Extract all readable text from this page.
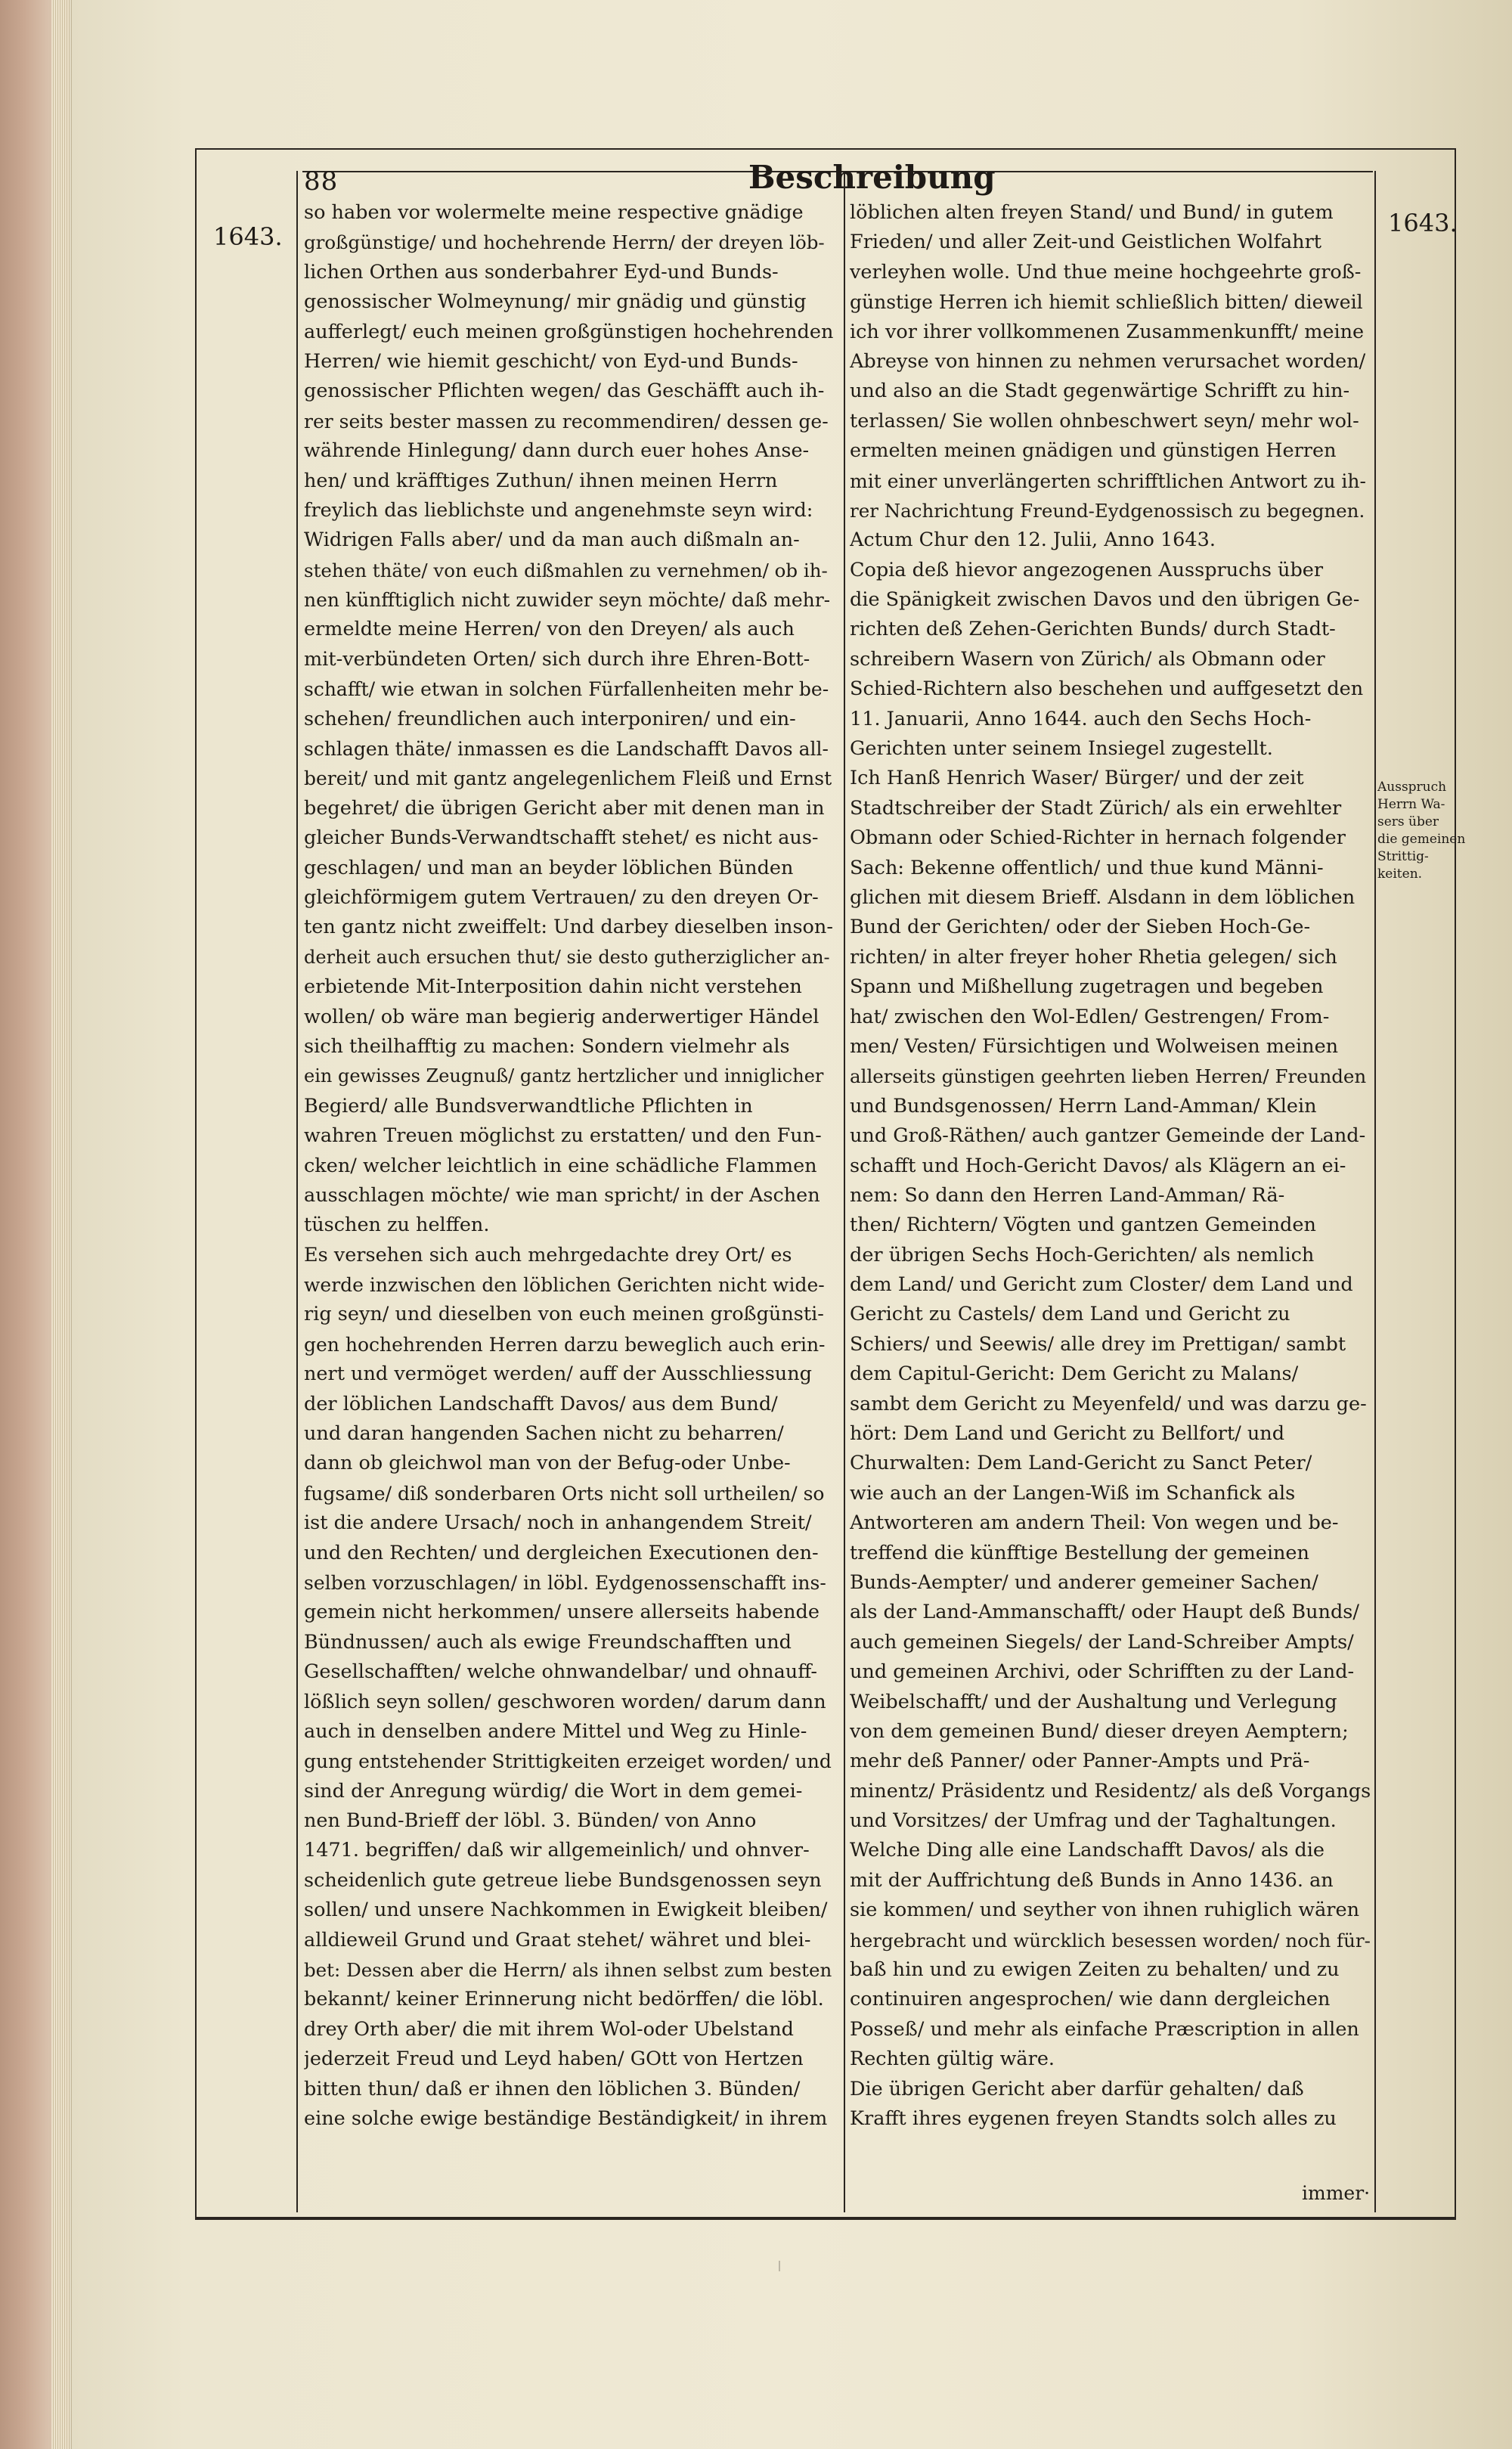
88	Beschreibung
1643.	1643.
so haben vor wolermelte meine respective gnädige
großgünstige/ und hochehrende Herrn/ der dreyen löb-
lichen Orthen aus sonderbahrer Eyd-und Bunds-
genossischer Wolmeynung/ mir gnädig und günstig
aufferlegt/ euch meinen großgünstigen hochehrenden
Herren/ wie hiemit geschicht/ von Eyd-und Bunds-
genossischer Pflichten wegen/ das Geschäfft auch ih-
rer seits bester massen zu recommendiren/ dessen ge-
währende Hinlegung/ dann durch euer hohes Anse-
hen/ und kräfftiges Zuthun/ ihnen meinen Herrn
freylich das lieblichste und angenehmste seyn wird:
Widrigen Falls aber/ und da man auch dißmaln an-
stehen thäte/ von euch dißmahlen zu vernehmen/ ob ih-
nen künfftiglich nicht zuwider seyn möchte/ daß mehr-
ermeldte meine Herren/ von den Dreyen/ als auch
mit-verbündeten Orten/ sich durch ihre Ehren-Bott-
schafft/ wie etwan in solchen Fürfallenheiten mehr be-
schehen/ freundlichen auch interponiren/ und ein-
schlagen thäte/ inmassen es die Landschafft Davos all-
bereit/ und mit gantz angelegenlichem Fleiß und Ernst
begehret/ die übrigen Gericht aber mit denen man in
gleicher Bunds-Verwandtschafft stehet/ es nicht aus-
geschlagen/ und man an beyder löblichen Bünden
gleichförmigem gutem Vertrauen/ zu den dreyen Or-
ten gantz nicht zweiffelt: Und darbey dieselben inson-
derheit auch ersuchen thut/ sie desto gutherziglicher an-
erbietende Mit-Interposition dahin nicht verstehen
wollen/ ob wäre man begierig anderwertiger Händel
sich theilhafftig zu machen: Sondern vielmehr als
ein gewisses Zeugnuß/ gantz hertzlicher und inniglicher
Begierd/ alle Bundsverwandtliche Pflichten in
wahren Treuen möglichst zu erstatten/ und den Fun-
cken/ welcher leichtlich in eine schädliche Flammen
ausschlagen möchte/ wie man spricht/ in der Aschen
tüschen zu helffen.
Es versehen sich auch mehrgedachte drey Ort/ es
werde inzwischen den löblichen Gerichten nicht wide-
rig seyn/ und dieselben von euch meinen großgünsti-
gen hochehrenden Herren darzu beweglich auch erin-
nert und vermöget werden/ auff der Ausschliessung
der löblichen Landschafft Davos/ aus dem Bund/
und daran hangenden Sachen nicht zu beharren/
dann ob gleichwol man von der Befug-oder Unbe-
fugsame/ diß sonderbaren Orts nicht soll urtheilen/ so
ist die andere Ursach/ noch in anhangendem Streit/
und den Rechten/ und dergleichen Executionen den-
selben vorzuschlagen/ in löbl. Eydgenossenschafft ins-
gemein nicht herkommen/ unsere allerseits habende
Bündnussen/ auch als ewige Freundschafften und
Gesellschafften/ welche ohnwandelbar/ und ohnauff-
lößlich seyn sollen/ geschworen worden/ darum dann
auch in denselben andere Mittel und Weg zu Hinle-
gung entstehender Strittigkeiten erzeiget worden/ und
sind der Anregung würdig/ die Wort in dem gemei-
nen Bund-Brieff der löbl. 3. Bünden/ von Anno
1471. begriffen/ daß wir allgemeinlich/ und ohnver-
scheidenlich gute getreue liebe Bundsgenossen seyn
sollen/ und unsere Nachkommen in Ewigkeit bleiben/
alldieweil Grund und Graat stehet/ währet und blei-
bet: Dessen aber die Herrn/ als ihnen selbst zum besten
bekannt/ keiner Erinnerung nicht bedörffen/ die löbl.
drey Orth aber/ die mit ihrem Wol-oder Ubelstand
jederzeit Freud und Leyd haben/ GOtt von Hertzen
bitten thun/ daß er ihnen den löblichen 3. Bünden/
eine solche ewige beständige Beständigkeit/ in ihrem
löblichen alten freyen Stand/ und Bund/ in gutem
Frieden/ und aller Zeit-und Geistlichen Wolfahrt
verleyhen wolle. Und thue meine hochgeehrte groß-
günstige Herren ich hiemit schließlich bitten/ dieweil
ich vor ihrer vollkommenen Zusammenkunfft/ meine
Abreyse von hinnen zu nehmen verursachet worden/
und also an die Stadt gegenwärtige Schrifft zu hin-
terlassen/ Sie wollen ohnbeschwert seyn/ mehr wol-
ermelten meinen gnädigen und günstigen Herren
mit einer unverlängerten schrifftlichen Antwort zu ih-
rer Nachrichtung Freund-Eydgenossisch zu begegnen.
Actum Chur den 12. Julii, Anno 1643.
Copia deß hievor angezogenen Ausspruchs über
die Spänigkeit zwischen Davos und den übrigen Ge-
richten deß Zehen-Gerichten Bunds/ durch Stadt-
schreibern Wasern von Zürich/ als Obmann oder
Schied-Richtern also beschehen und auffgesetzt den
11. Januarii, Anno 1644. auch den Sechs Hoch-
Gerichten unter seinem Insiegel zugestellt.
Ich Hanß Henrich Waser/ Bürger/ und der zeit
Stadtschreiber der Stadt Zürich/ als ein erwehlter
Obmann oder Schied-Richter in hernach folgender
Sach: Bekenne offentlich/ und thue kund Männi-
glichen mit diesem Brieff. Alsdann in dem löblichen
Bund der Gerichten/ oder der Sieben Hoch-Ge-
richten/ in alter freyer hoher Rhetia gelegen/ sich
Spann und Mißhellung zugetragen und begeben
hat/ zwischen den Wol-Edlen/ Gestrengen/ From-
men/ Vesten/ Fürsichtigen und Wolweisen meinen
allerseits günstigen geehrten lieben Herren/ Freunden
und Bundsgenossen/ Herrn Land-Amman/ Klein
und Groß-Räthen/ auch gantzer Gemeinde der Land-
schafft und Hoch-Gericht Davos/ als Klägern an ei-
nem: So dann den Herren Land-Amman/ Rä-
then/ Richtern/ Vögten und gantzen Gemeinden
der übrigen Sechs Hoch-Gerichten/ als nemlich
dem Land/ und Gericht zum Closter/ dem Land und
Gericht zu Castels/ dem Land und Gericht zu
Schiers/ und Seewis/ alle drey im Prettigan/ sambt
dem Capitul-Gericht: Dem Gericht zu Malans/
sambt dem Gericht zu Meyenfeld/ und was darzu ge-
hört: Dem Land und Gericht zu Bellfort/ und
Churwalten: Dem Land-Gericht zu Sanct Peter/
wie auch an der Langen-Wiß im Schanfick als
Antworteren am andern Theil: Von wegen und be-
treffend die künfftige Bestellung der gemeinen
Bunds-Aempter/ und anderer gemeiner Sachen/
als der Land-Ammanschafft/ oder Haupt deß Bunds/
auch gemeinen Siegels/ der Land-Schreiber Ampts/
und gemeinen Archivi, oder Schrifften zu der Land-
Weibelschafft/ und der Aushaltung und Verlegung
von dem gemeinen Bund/ dieser dreyen Aemptern;
mehr deß Panner/ oder Panner-Ampts und Prä-
minentz/ Präsidentz und Residentz/ als deß Vorgangs
und Vorsitzes/ der Umfrag und der Taghaltungen.
Welche Ding alle eine Landschafft Davos/ als die
mit der Auffrichtung deß Bunds in Anno 1436. an
sie kommen/ und seyther von ihnen ruhiglich wären
hergebracht und würcklich besessen worden/ noch für-
baß hin und zu ewigen Zeiten zu behalten/ und zu
continuiren angesprochen/ wie dann dergleichen
Posseß/ und mehr als einfache Præscription in allen
Rechten gültig wäre.
Die übrigen Gericht aber darfür gehalten/ daß
Krafft ihres eygenen freyen Standts solch alles zu
Ausspruch
Herrn Wa-
sers über
die gemeinen
Strittig-
keiten.
immer·
